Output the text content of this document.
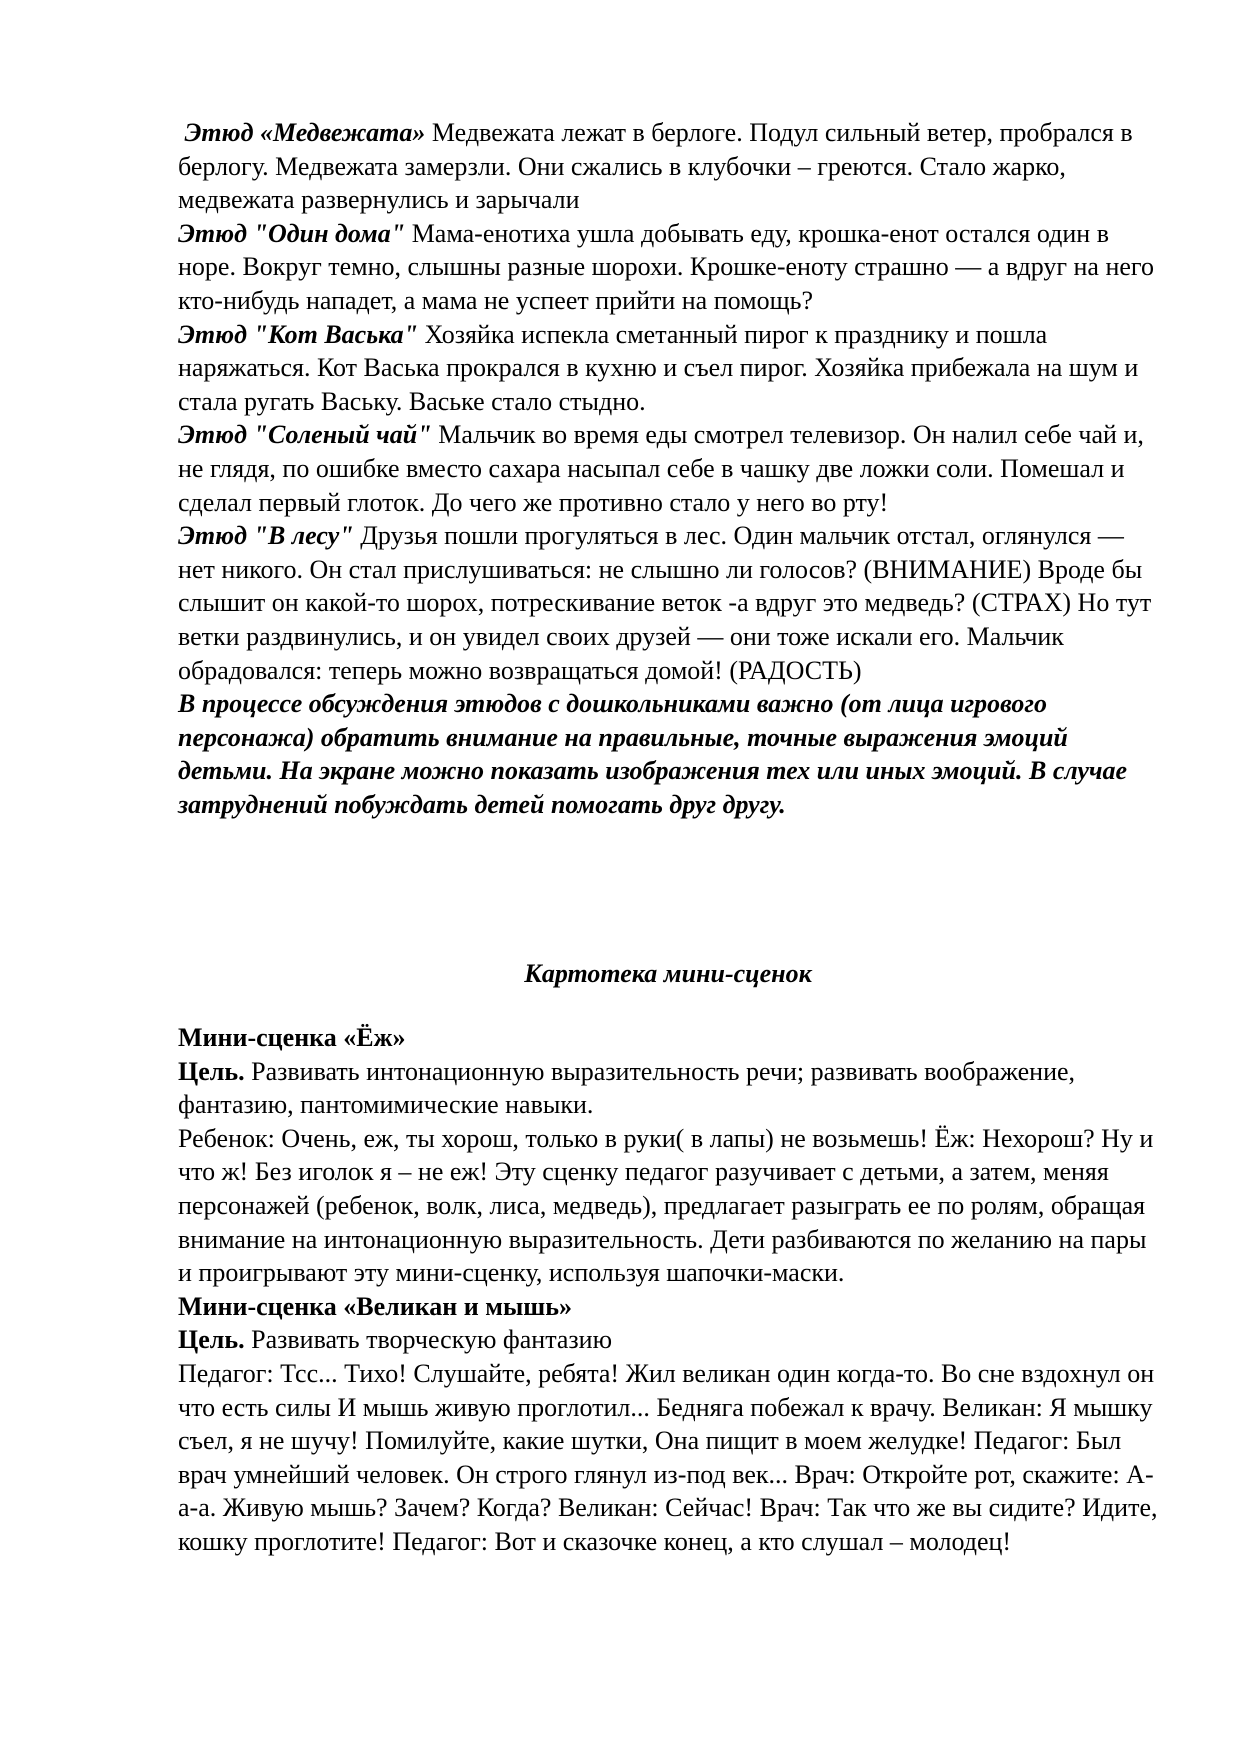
Этюд «Медвежата» Медвежата лежат в берлоге. Подул сильный ветер, пробрался в берлогу. Медвежата замерзли. Они сжались в клубочки – греются. Стало жарко, медвежата развернулись и зарычали

Этюд "Один дома" Мама-енотиха ушла добывать еду, крошка-енот остался один в норе. Вокруг темно, слышны разные шорохи. Крошке-еноту страшно — а вдруг на него кто-нибудь нападет, а мама не успеет прийти на помощь?

Этюд "Кот Васька" Хозяйка испекла сметанный пирог к празднику и пошла наряжаться. Кот Васька прокрался в кухню и съел пирог. Хозяйка прибежала на шум и стала ругать Ваську. Ваське стало стыдно.

Этюд "Соленый чай" Мальчик во время еды смотрел телевизор. Он налил себе чай и, не глядя, по ошибке вместо сахара насыпал себе в чашку две ложки соли. Помешал и сделал первый глоток. До чего же противно стало у него во рту!

Этюд "В лесу" Друзья пошли прогуляться в лес. Один мальчик отстал, оглянулся — нет никого. Он стал прислушиваться: не слышно ли голосов? (ВНИМАНИЕ) Вроде бы слышит он какой-то шорох, потрескивание веток -а вдруг это медведь? (СТРАХ) Но тут ветки раздвинулись, и он увидел своих друзей — они тоже искали его. Мальчик обрадовался: теперь можно возвращаться домой! (РАДОСТЬ)

В процессе обсуждения этюдов с дошкольниками важно (от лица игрового персонажа) обратить внимание на правильные, точные выражения эмоций детьми. На экране можно показать изображения тех или иных эмоций. В случае затруднений побуждать детей помогать друг другу.

Картотека мини-сценок

Мини-сценка «Ёж»

Цель. Развивать интонационную выразительность речи; развивать воображение, фантазию, пантомимические навыки.

Ребенок: Очень, еж, ты хорош, только в руки( в лапы) не возьмешь! Ёж: Нехорош? Ну и что ж! Без иголок я – не еж! Эту сценку педагог разучивает с детьми, а затем, меняя персонажей (ребенок, волк, лиса, медведь), предлагает разыграть ее по ролям, обращая внимание на интонационную выразительность. Дети разбиваются по желанию на пары и проигрывают эту мини-сценку, используя шапочки-маски.

Мини-сценка «Великан и мышь»

Цель. Развивать творческую фантазию

Педагог: Тсс... Тихо! Слушайте, ребята! Жил великан один когда-то. Во сне вздохнул он что есть силы И мышь живую проглотил... Бедняга побежал к врачу. Великан: Я мышку съел, я не шучу! Помилуйте, какие шутки, Она пищит в моем желудке! Педагог: Был врач умнейший человек. Он строго глянул из-под век... Врач: Откройте рот, скажите: А-а-а. Живую мышь? Зачем? Когда? Великан: Сейчас! Врач: Так что же вы сидите? Идите, кошку проглотите! Педагог: Вот и сказочке конец, а кто слушал – молодец!
